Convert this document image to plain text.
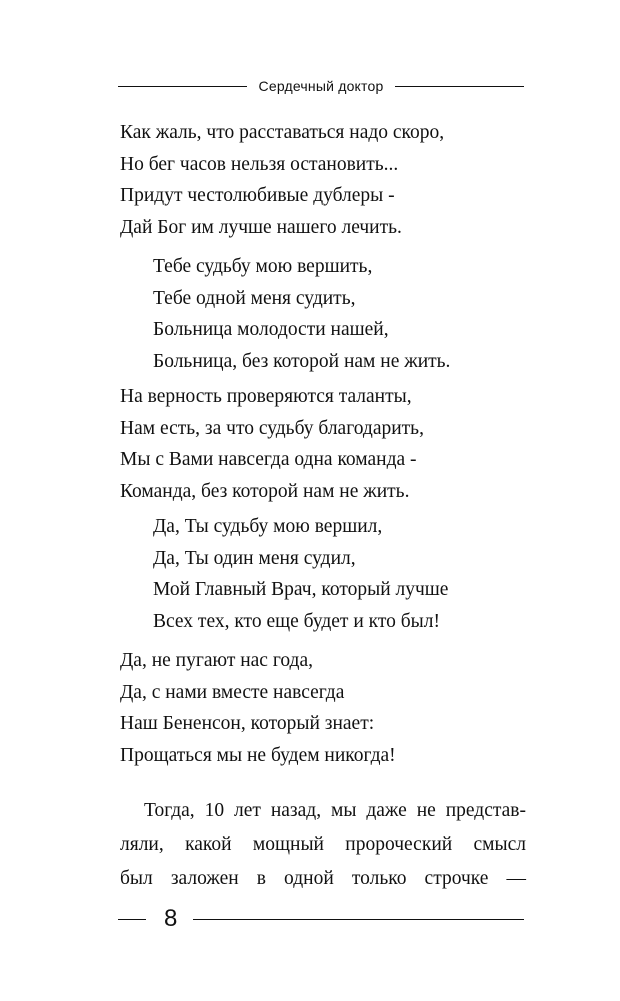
Сердечный доктор
Как жаль, что расставаться надо скоро,
Но бег часов нельзя остановить...
Придут честолюбивые дублеры -
Дай Бог им лучше нашего лечить.
Тебе судьбу мою вершить,
Тебе одной меня судить,
Больница молодости нашей,
Больница, без которой нам не жить.
На верность проверяются таланты,
Нам есть, за что судьбу благодарить,
Мы с Вами навсегда одна команда -
Команда, без которой нам не жить.
Да, Ты судьбу мою вершил,
Да, Ты один меня судил,
Мой Главный Врач, который лучше
Всех тех, кто еще будет и кто был!
Да, не пугают нас года,
Да, с нами вместе навсегда
Наш Бененсон, который знает:
Прощаться мы не будем никогда!
Тогда, 10 лет назад, мы даже не представ-
ляли, какой мощный пророческий смысл
был заложен в одной только строчке —
8
